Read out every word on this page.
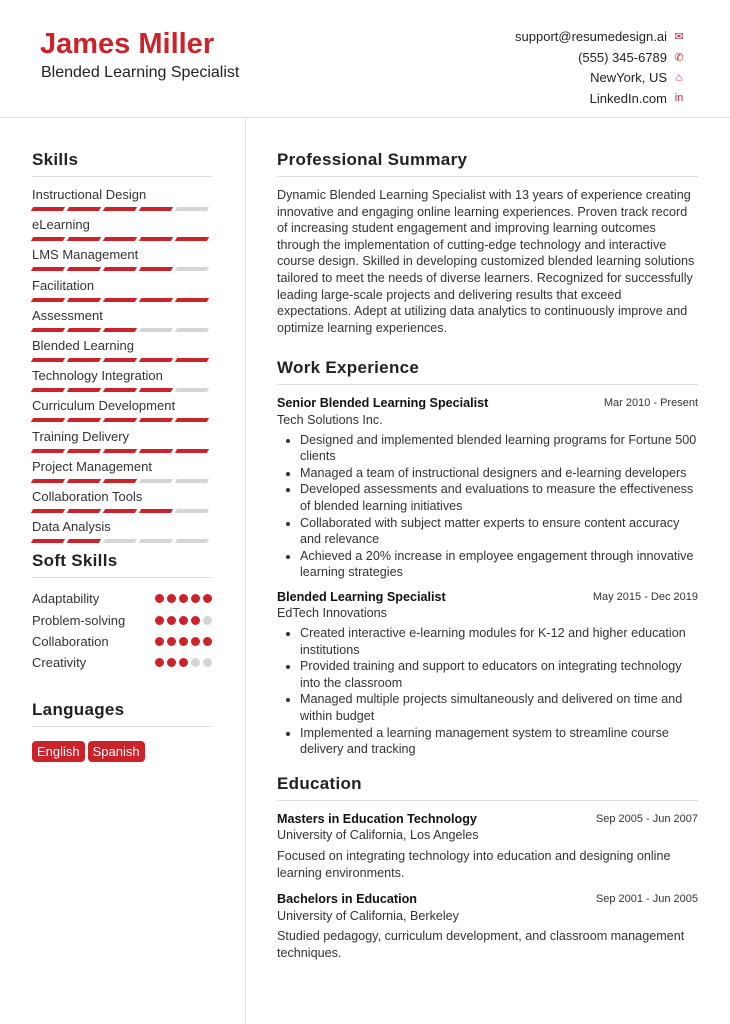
James Miller
Blended Learning Specialist
support@resumedesign.ai ✉
(555) 345-6789 ✆
NewYork, US ⌂
LinkedIn.com in
Skills
Instructional Design
eLearning
LMS Management
Facilitation
Assessment
Blended Learning
Technology Integration
Curriculum Development
Training Delivery
Project Management
Collaboration Tools
Data Analysis
Soft Skills
Adaptability
Problem-solving
Collaboration
Creativity
Languages
English Spanish
Professional Summary
Dynamic Blended Learning Specialist with 13 years of experience creating innovative and engaging online learning experiences. Proven track record of increasing student engagement and improving learning outcomes through the implementation of cutting-edge technology and interactive course design. Skilled in developing customized blended learning solutions tailored to meet the needs of diverse learners. Recognized for successfully leading large-scale projects and delivering results that exceed expectations. Adept at utilizing data analytics to continuously improve and optimize learning experiences.
Work Experience
Senior Blended Learning Specialist	Mar 2010 - Present
Tech Solutions Inc.
• Designed and implemented blended learning programs for Fortune 500 clients
• Managed a team of instructional designers and e-learning developers
• Developed assessments and evaluations to measure the effectiveness of blended learning initiatives
• Collaborated with subject matter experts to ensure content accuracy and relevance
• Achieved a 20% increase in employee engagement through innovative learning strategies
Blended Learning Specialist	May 2015 - Dec 2019
EdTech Innovations
• Created interactive e-learning modules for K-12 and higher education institutions
• Provided training and support to educators on integrating technology into the classroom
• Managed multiple projects simultaneously and delivered on time and within budget
• Implemented a learning management system to streamline course delivery and tracking
Education
Masters in Education Technology	Sep 2005 - Jun 2007
University of California, Los Angeles
Focused on integrating technology into education and designing online learning environments.
Bachelors in Education	Sep 2001 - Jun 2005
University of California, Berkeley
Studied pedagogy, curriculum development, and classroom management techniques.
